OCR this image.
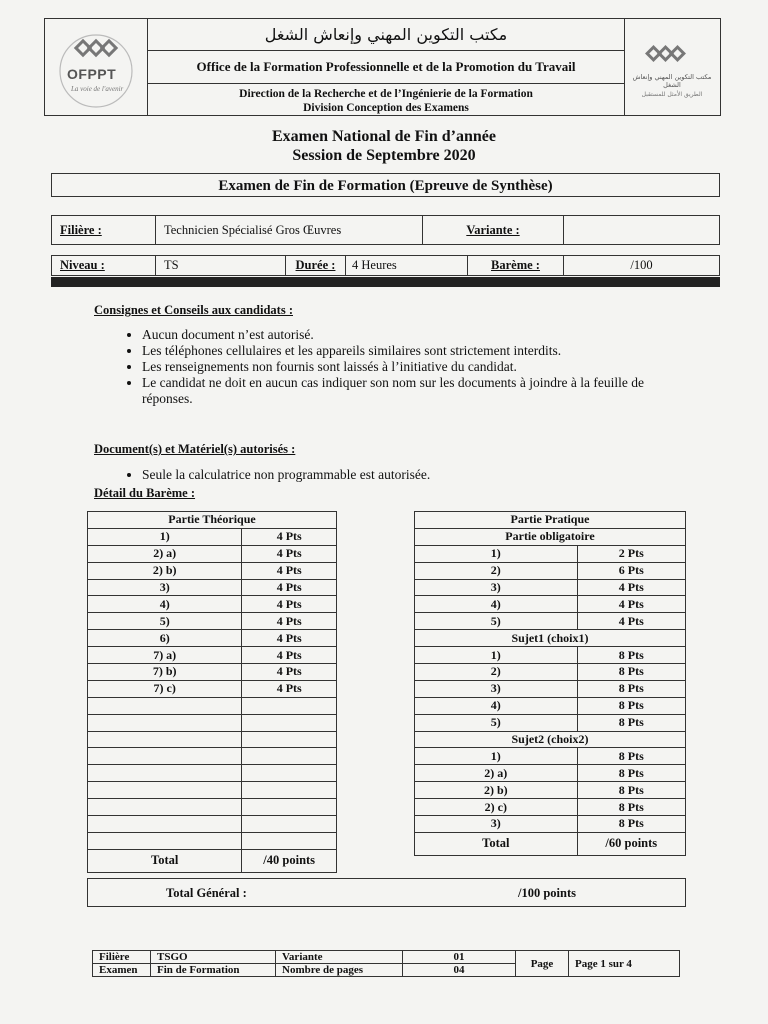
OFPPT
La voie de l'avenir
مكتب التكوين المهني وإنعاش الشغل
Office de la Formation Professionnelle et de la Promotion du Travail
Direction de la Recherche et de l’Ingénierie de la Formation
Division Conception des Examens
مكتب التكوين المهني وإنعاش الشغل
الطريق الأمثل للمستقبل
Examen National de Fin d’année
Session de Septembre 2020
Examen de Fin de Formation (Epreuve de Synthèse)
Filière :	Technicien Spécialisé Gros Œuvres	Variante :
Niveau :	TS	Durée : 4 Heures	Barème :	/100
Consignes et Conseils aux candidats :
• Aucun document n’est autorisé.
• Les téléphones cellulaires et les appareils similaires sont strictement interdits.
• Les renseignements non fournis sont laissés à l’initiative du candidat.
• Le candidat ne doit en aucun cas indiquer son nom sur les documents à joindre à la feuille de réponses.
Document(s) et Matériel(s) autorisés :
• Seule la calculatrice non programmable est autorisée.
Détail du Barème :
Partie Théorique	
1)	4 Pts
2) a)	4 Pts
2) b)	4 Pts
3)	4 Pts
4)	4 Pts
5)	4 Pts
6)	4 Pts
7) a)	4 Pts
7) b)	4 Pts
7) c)	4 Pts

Total	/40 points
Partie Pratique	
Partie obligatoire	
1)	2 Pts
2)	6 Pts
3)	4 Pts
4)	4 Pts
5)	4 Pts
Sujet1 (choix1)	
1)	8 Pts
2)	8 Pts
3)	8 Pts
4)	8 Pts
5)	8 Pts
Sujet2 (choix2)	
1)	8 Pts
2) a)	8 Pts
2) b)	8 Pts
2) c)	8 Pts
3)	8 Pts
Total	/60 points
Total Général :	/100 points
Filière	TSGO	Variante	01	Page	Page 1 sur 4
Examen	Fin de Formation	Nombre de pages	04		
